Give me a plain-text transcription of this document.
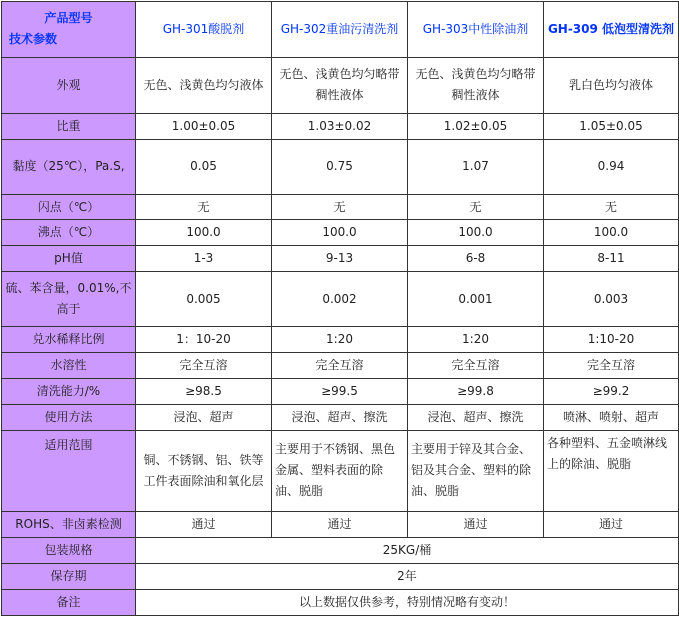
产品型号
技术参数	GH-301酸脱剂	GH-302重油污清洗剂	GH-303中性除油剂	GH-309 低泡型清洗剂
外观	无色、浅黄色均匀液体	无色、浅黄色均匀略带稠性液体	无色、浅黄色均匀略带稠性液体	乳白色均匀液体
比重	1.00±0.05	1.03±0.02	1.02±0.05	1.05±0.05
黏度（25℃），Pa.S,	0.05	0.75	1.07	0.94
闪点（℃）	无	无	无	无
沸点（℃）	100.0	100.0	100.0	100.0
pH值	1-3	9-13	6-8	8-11
硫、苯含量，0.01%,不高于	0.005	0.002	0.001	0.003
兑水稀释比例	1：10-20	1:20	1:20	1:10-20
水溶性	完全互溶	完全互溶	完全互溶	完全互溶
清洗能力/%	≥98.5	≥99.5	≥99.8	≥99.2
使用方法	浸泡、超声	浸泡、超声、擦洗	浸泡、超声、擦洗	喷淋、喷射、超声
适用范围	铜、不锈钢、铝、铁等工件表面除油和氧化层	主要用于不锈钢、黑色金属、塑料表面的除油、脱脂	主要用于锌及其合金、铝及其合金、塑料的除油、脱脂	各种塑料、五金喷淋线上的除油、脱脂
ROHS、非卤素检测	通过	通过	通过	通过
包装规格	25KG/桶			
保存期	2年			
备注	以上数据仅供参考，特别情况略有变动！			
